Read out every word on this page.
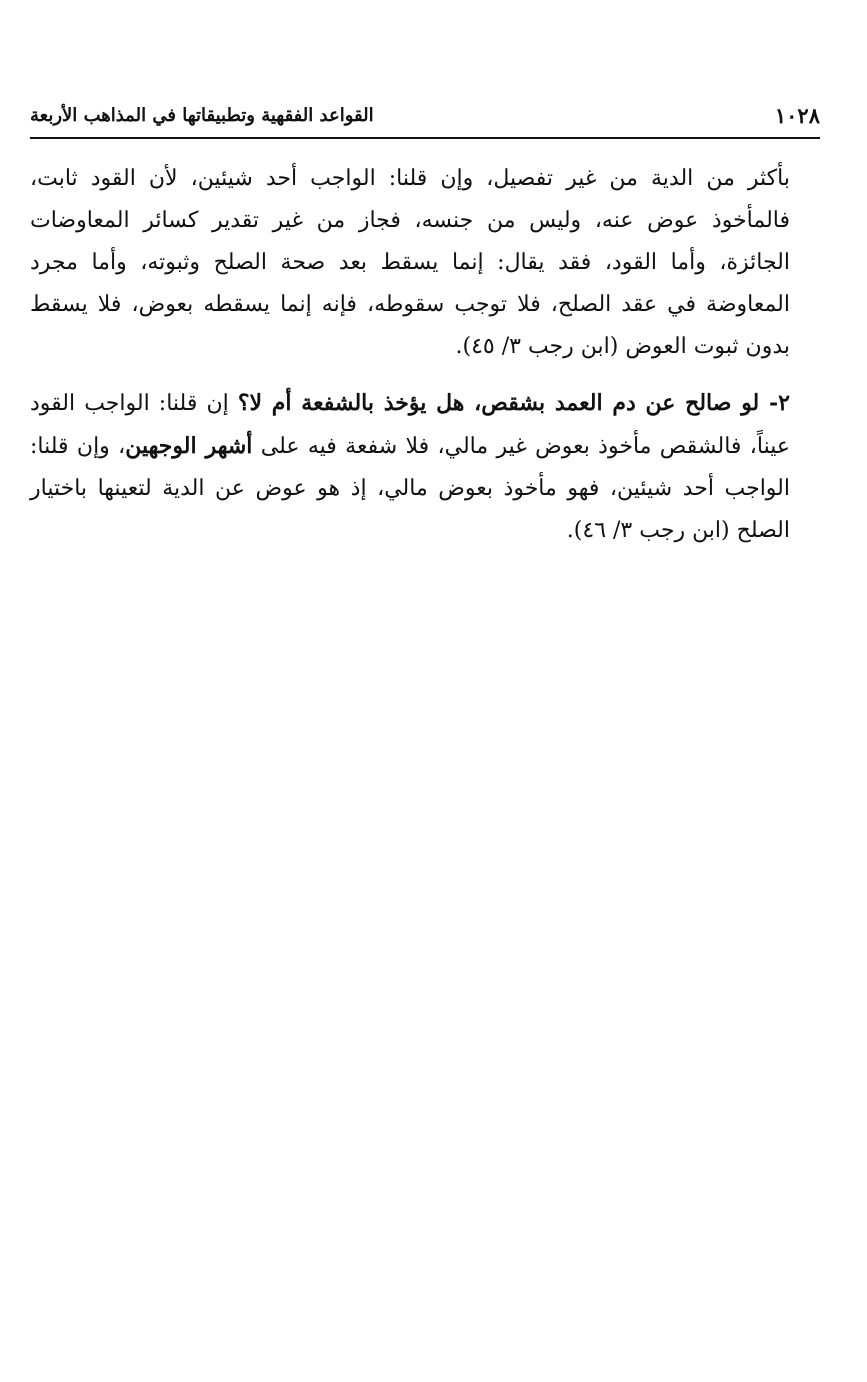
١٠٢٨
القواعد الفقهية وتطبيقاتها في المذاهب الأربعة

بأكثر من الدية من غير تفصيل، وإن قلنا: الواجب أحد شيئين، لأن القود ثابت، فالمأخوذ عوض عنه، وليس من جنسه، فجاز من غير تقدير كسائر المعاوضات الجائزة، وأما القود، فقد يقال: إنما يسقط بعد صحة الصلح وثبوته، وأما مجرد المعاوضة في عقد الصلح، فلا توجب سقوطه، فإنه إنما يسقطه بعوض، فلا يسقط بدون ثبوت العوض (ابن رجب ٣/ ٤٥).

٢- لو صالح عن دم العمد بشقص، هل يؤخذ بالشفعة أم لا؟ إن قلنا: الواجب القود عيناً، فالشقص مأخوذ بعوض غير مالي، فلا شفعة فيه على أشهر الوجهين، وإن قلنا: الواجب أحد شيئين، فهو مأخوذ بعوض مالي، إذ هو عوض عن الدية لتعينها باختيار الصلح (ابن رجب ٣/ ٤٦).
